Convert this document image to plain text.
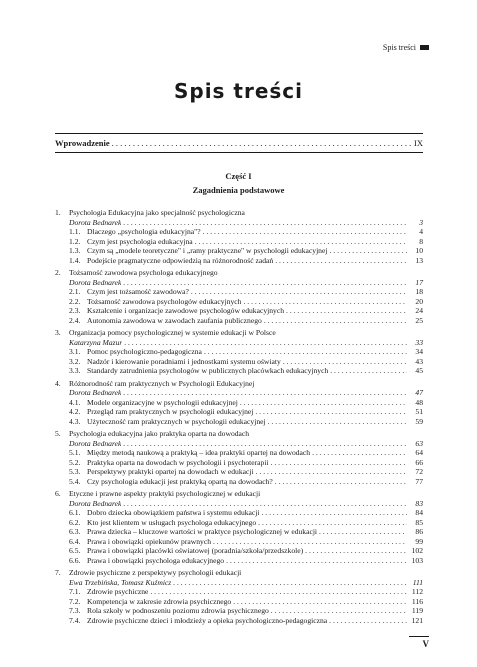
Spis treści
Spis treści
Wprowadzenie . . .	IX
Część I
Zagadnienia podstawowe
1.	Psychologia Edukacyjna jako specjalność psychologiczna
Dorota Bednarek . . .	3
1.1. Dlaczego „psychologia edukacyjna"? . . .	4
1.2. Czym jest psychologia edukacyjna . . .	8
1.3. Czym są „modele teoretyczne" i „ramy praktyczne" w psychologii edukacyjnej . . .	10
1.4. Podejście pragmatyczne odpowiedzią na różnorodność zadań . . .	13
2.	Tożsamość zawodowa psychologa edukacyjnego
Dorota Bednarek . . .	17
2.1. Czym jest tożsamość zawodowa? . . .	18
2.2. Tożsamość zawodowa psychologów edukacyjnych . . .	20
2.3. Kształcenie i organizacje zawodowe psychologów edukacyjnych . . .	24
2.4. Autonomia zawodowa w zawodach zaufania publicznego . . .	25
3.	Organizacja pomocy psychologicznej w systemie edukacji w Polsce
Katarzyna Mazur . . .	33
3.1. Pomoc psychologiczno-pedagogiczna . . .	34
3.2. Nadzór i kierowanie poradniami i jednostkami systemu oświaty . . .	43
3.3. Standardy zatrudnienia psychologów w publicznych placówkach edukacyjnych . . .	45
4.	Różnorodność ram praktycznych w Psychologii Edukacyjnej
Dorota Bednarek . . .	47
4.1. Modele organizacyjne w psychologii edukacyjnej . . .	48
4.2. Przegląd ram praktycznych w psychologii edukacyjnej . . .	51
4.3. Użyteczność ram praktycznych w psychologii edukacyjnej . . .	59
5.	Psychologia edukacyjna jako praktyka oparta na dowodach
Dorota Bednarek . . .	63
5.1. Między metodą naukową a praktyką – idea praktyki opartej na dowodach . . .	64
5.2. Praktyka oparta na dowodach w psychologii i psychoterapii . . .	66
5.3. Perspektywy praktyki opartej na dowodach w edukacji . . .	72
5.4. Czy psychologia edukacji jest praktyką opartą na dowodach? . . .	77
6.	Etyczne i prawne aspekty praktyki psychologicznej w edukacji
Dorota Bednarek . . .	83
6.1. Dobro dziecka obowiązkiem państwa i systemu edukacji . . .	84
6.2. Kto jest klientem w usługach psychologa edukacyjnego . . .	85
6.3. Prawa dziecka – kluczowe wartości w praktyce psychologicznej w edukacji . . .	86
6.4. Prawa i obowiązki opiekunów prawnych . . .	99
6.5. Prawa i obowiązki placówki oświatowej (poradnia/szkoła/przedszkole) . . .	102
6.6. Prawa i obowiązki psychologa edukacyjnego . . .	103
7.	Zdrowie psychiczne z perspektywy psychologii edukacji
Ewa Trzebińska, Tomasz Kuźmicz . . .	111
7.1. Zdrowie psychiczne . . .	112
7.2. Kompetencja w zakresie zdrowia psychicznego . . .	116
7.3. Rola szkoły w podnoszeniu poziomu zdrowia psychicznego . . .	119
7.4. Zdrowie psychiczne dzieci i młodzieży a opieka psychologiczno-pedagogiczna . . .	121
V
